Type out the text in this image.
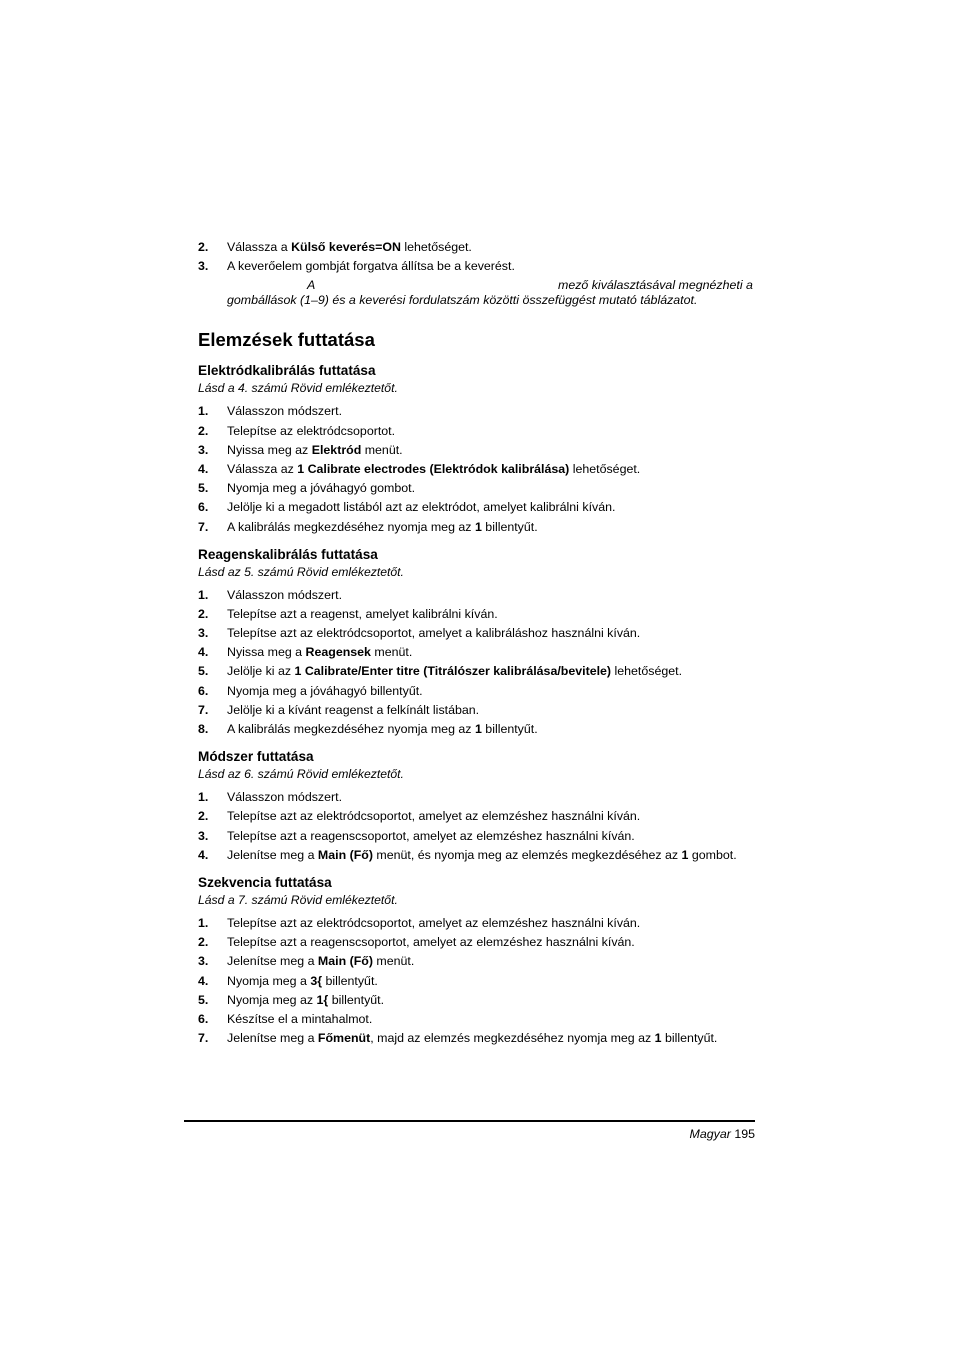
2.	Válassza a Külső keverés=ON lehetőséget.
3.	A keverőelem gombját forgatva állítsa be a keverést.
A	mező kiválasztásával megnézheti a
gombállások (1–9) és a keverési fordulatszám közötti összefüggést mutató táblázatot.
Elemzések futtatása
Elektródkalibrálás futtatása
Lásd a 4. számú Rövid emlékeztetőt.
1.	Válasszon módszert.
2.	Telepítse az elektródcsoportot.
3.	Nyissa meg az Elektród menüt.
4.	Válassza az 1 Calibrate electrodes (Elektródok kalibrálása) lehetőséget.
5.	Nyomja meg a jóváhagyó gombot.
6.	Jelölje ki a megadott listából azt az elektródot, amelyet kalibrálni kíván.
7.	A kalibrálás megkezdéséhez nyomja meg az 1 billentyűt.
Reagenskalibrálás futtatása
Lásd az 5. számú Rövid emlékeztetőt.
1.	Válasszon módszert.
2.	Telepítse azt a reagenst, amelyet kalibrálni kíván.
3.	Telepítse azt az elektródcsoportot, amelyet a kalibráláshoz használni kíván.
4.	Nyissa meg a Reagensek menüt.
5.	Jelölje ki az 1 Calibrate/Enter titre (Titrálószer kalibrálása/bevitele) lehetőséget.
6.	Nyomja meg a jóváhagyó billentyűt.
7.	Jelölje ki a kívánt reagenst a felkínált listában.
8.	A kalibrálás megkezdéséhez nyomja meg az 1 billentyűt.
Módszer futtatása
Lásd az 6. számú Rövid emlékeztetőt.
1.	Válasszon módszert.
2.	Telepítse azt az elektródcsoportot, amelyet az elemzéshez használni kíván.
3.	Telepítse azt a reagenscsoportot, amelyet az elemzéshez használni kíván.
4.	Jelenítse meg a Main (Fő) menüt, és nyomja meg az elemzés megkezdéséhez az 1 gombot.
Szekvencia futtatása
Lásd a 7. számú Rövid emlékeztetőt.
1.	Telepítse azt az elektródcsoportot, amelyet az elemzéshez használni kíván.
2.	Telepítse azt a reagenscsoportot, amelyet az elemzéshez használni kíván.
3.	Jelenítse meg a Main (Fő) menüt.
4.	Nyomja meg a 3{ billentyűt.
5.	Nyomja meg az 1{ billentyűt.
6.	Készítse el a mintahalmot.
7.	Jelenítse meg a Főmenüt, majd az elemzés megkezdéséhez nyomja meg az 1 billentyűt.
Magyar 195
